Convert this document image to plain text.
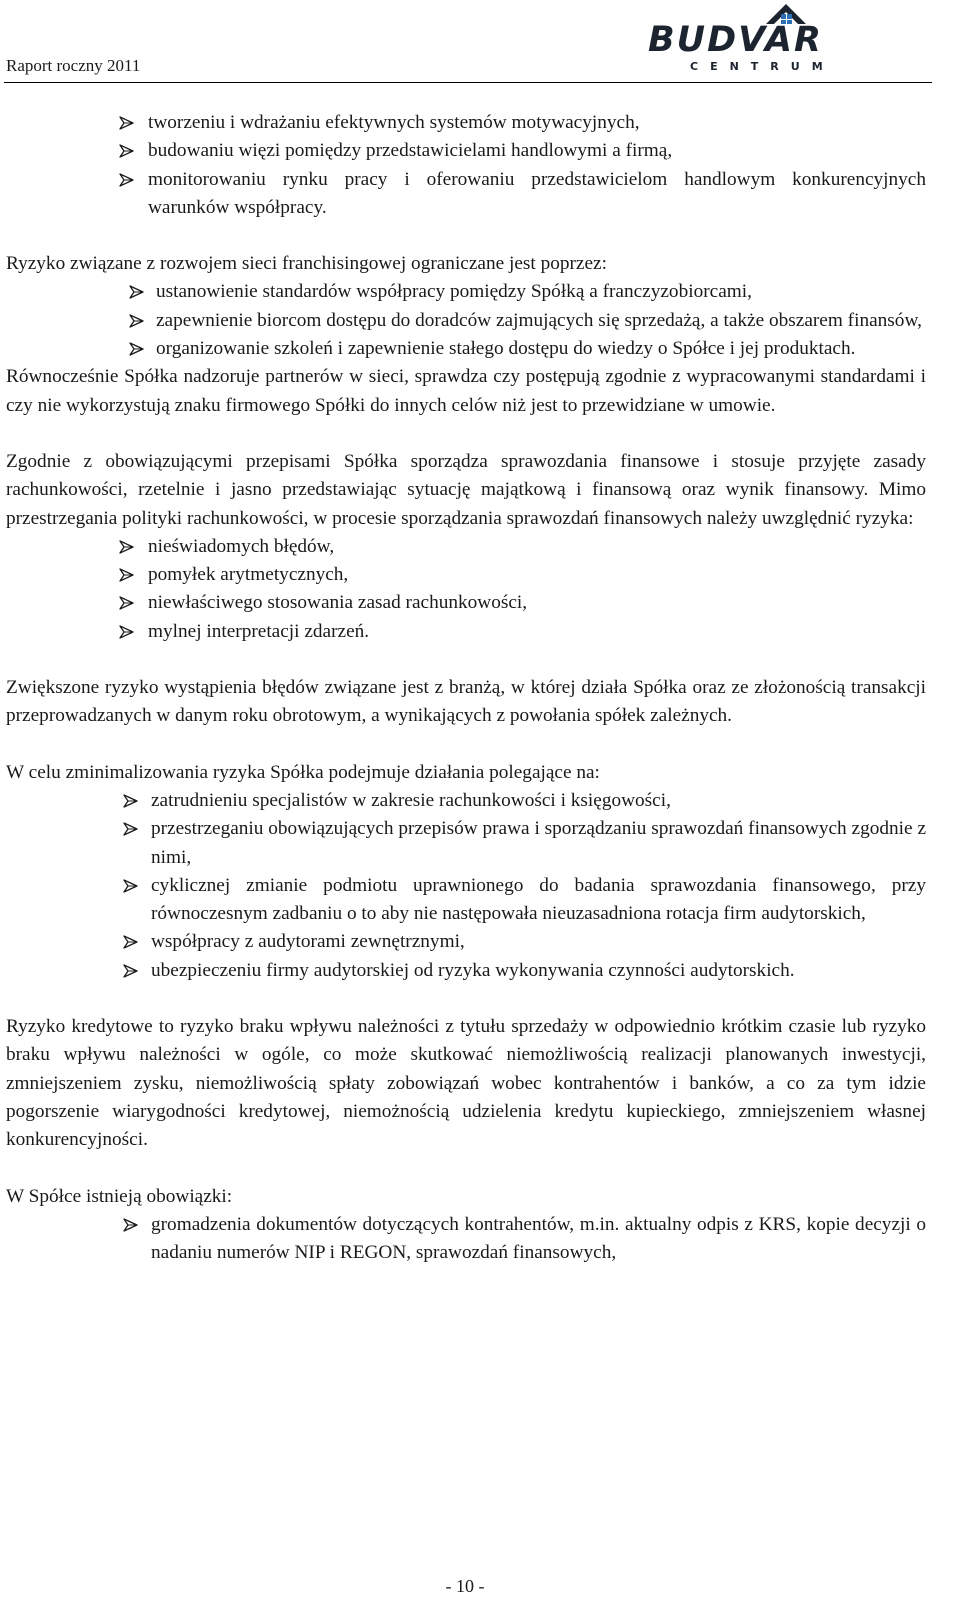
Raport roczny 2011
BUDVAR
CENTRUM
tworzeniu i wdrażaniu efektywnych systemów motywacyjnych,
budowaniu więzi pomiędzy przedstawicielami handlowymi a firmą,
monitorowaniu rynku pracy i oferowaniu przedstawicielom handlowym konkurencyjnych warunków współpracy.

Ryzyko związane z rozwojem sieci franchisingowej ograniczane jest poprzez:

ustanowienie standardów współpracy pomiędzy Spółką a franczyzobiorcami,
zapewnienie biorcom dostępu do doradców zajmujących się sprzedażą, a także obszarem finansów,
organizowanie szkoleń i zapewnienie stałego dostępu do wiedzy o Spółce i jej produktach.

Równocześnie Spółka nadzoruje partnerów w sieci, sprawdza czy postępują zgodnie z wypracowanymi standardami i czy nie wykorzystują znaku firmowego Spółki do innych celów niż jest to przewidziane w umowie.

Zgodnie z obowiązującymi przepisami Spółka sporządza sprawozdania finansowe i stosuje przyjęte zasady rachunkowości, rzetelnie i jasno przedstawiając sytuację majątkową i finansową oraz wynik finansowy. Mimo przestrzegania polityki rachunkowości, w procesie sporządzania sprawozdań finansowych należy uwzględnić ryzyka:

nieświadomych błędów,
pomyłek arytmetycznych,
niewłaściwego stosowania zasad rachunkowości,
mylnej interpretacji zdarzeń.

Zwiększone ryzyko wystąpienia błędów związane jest z branżą, w której działa Spółka oraz ze złożonością transakcji przeprowadzanych w danym roku obrotowym, a wynikających z powołania spółek zależnych.

W celu zminimalizowania ryzyka Spółka podejmuje działania polegające na:

zatrudnieniu specjalistów w zakresie rachunkowości i księgowości,
przestrzeganiu obowiązujących przepisów prawa i sporządzaniu sprawozdań finansowych zgodnie z nimi,
cyklicznej zmianie podmiotu uprawnionego do badania sprawozdania finansowego, przy równoczesnym zadbaniu o to aby nie następowała nieuzasadniona rotacja firm audytorskich,
współpracy z audytorami zewnętrznymi,
ubezpieczeniu firmy audytorskiej od ryzyka wykonywania czynności audytorskich.

Ryzyko kredytowe to ryzyko braku wpływu należności z tytułu sprzedaży w odpowiednio krótkim czasie lub ryzyko braku wpływu należności w ogóle, co może skutkować niemożliwością realizacji planowanych inwestycji, zmniejszeniem zysku, niemożliwością spłaty zobowiązań wobec kontrahentów i banków, a co za tym idzie pogorszenie wiarygodności kredytowej, niemożnością udzielenia kredytu kupieckiego, zmniejszeniem własnej konkurencyjności.

W Spółce istnieją obowiązki:

gromadzenia dokumentów dotyczących kontrahentów, m.in. aktualny odpis z KRS, kopie decyzji o nadaniu numerów NIP i REGON, sprawozdań finansowych,
- 10 -
